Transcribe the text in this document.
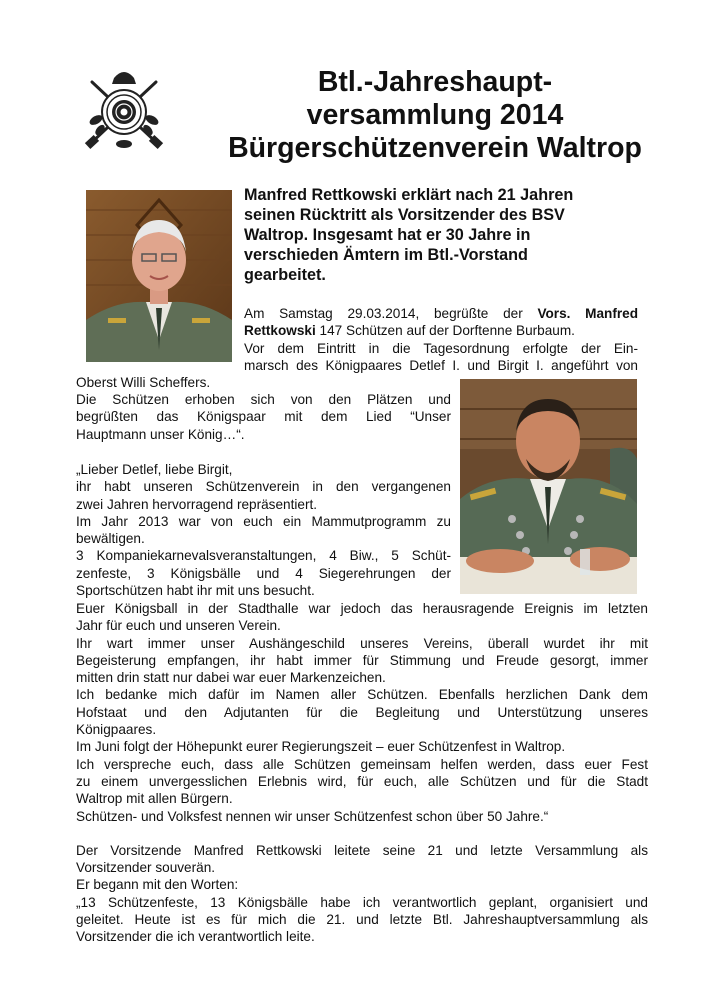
Btl.-Jahreshaupt-
versammlung 2014
Bürgerschützenverein Waltrop
Manfred Rettkowski erklärt nach 21 Jahren
seinen Rücktritt als Vorsitzender des BSV
Waltrop. Insgesamt hat er 30 Jahre in
verschieden Ämtern im Btl.-Vorstand
gearbeitet.
Am Samstag 29.03.2014, begrüßte der Vors. Manfred
Rettkowski 147 Schützen auf der Dorftenne Burbaum.
Vor dem Eintritt in die Tagesordnung erfolgte der Ein-
marsch des Königpaares Detlef I. und Birgit I. angeführt von
Oberst Willi Scheffers.
Die Schützen erhoben sich von den Plätzen und
begrüßten das Königspaar mit dem Lied “Unser
Hauptmann unser König…“.
„Lieber Detlef, liebe Birgit,
ihr habt unseren Schützenverein in den vergangenen
zwei Jahren hervorragend repräsentiert.
Im Jahr 2013 war von euch ein Mammutprogramm zu
bewältigen.
3 Kompaniekarnevalsveranstaltungen, 4 Biw., 5 Schüt-
zenfeste, 3 Königsbälle und 4 Siegerehrungen der
Sportschützen habt ihr mit uns besucht.
Euer Königsball in der Stadthalle war jedoch das herausragende Ereignis im letzten
Jahr für euch und unseren Verein.
Ihr wart immer unser Aushängeschild unseres Vereins, überall wurdet ihr mit
Begeisterung empfangen, ihr habt immer für Stimmung und Freude gesorgt, immer
mitten drin statt nur dabei war euer Markenzeichen.
Ich bedanke mich dafür im Namen aller Schützen. Ebenfalls herzlichen Dank dem
Hofstaat und den Adjutanten für die Begleitung und Unterstützung unseres
Königpaares.
Im Juni folgt der Höhepunkt eurer Regierungszeit – euer Schützenfest in Waltrop.
Ich verspreche euch, dass alle Schützen gemeinsam helfen werden, dass euer Fest
zu einem unvergesslichen Erlebnis wird, für euch, alle Schützen und für die Stadt
Waltrop mit allen Bürgern.
Schützen- und Volksfest nennen wir unser Schützenfest schon über 50 Jahre.“
Der Vorsitzende Manfred Rettkowski leitete seine 21 und letzte Versammlung als
Vorsitzender souverän.
Er begann mit den Worten:
„13 Schützenfeste, 13 Königsbälle habe ich verantwortlich geplant, organisiert und
geleitet. Heute ist es für mich die 21. und letzte Btl. Jahreshauptversammlung als
Vorsitzender die ich verantwortlich leite.
